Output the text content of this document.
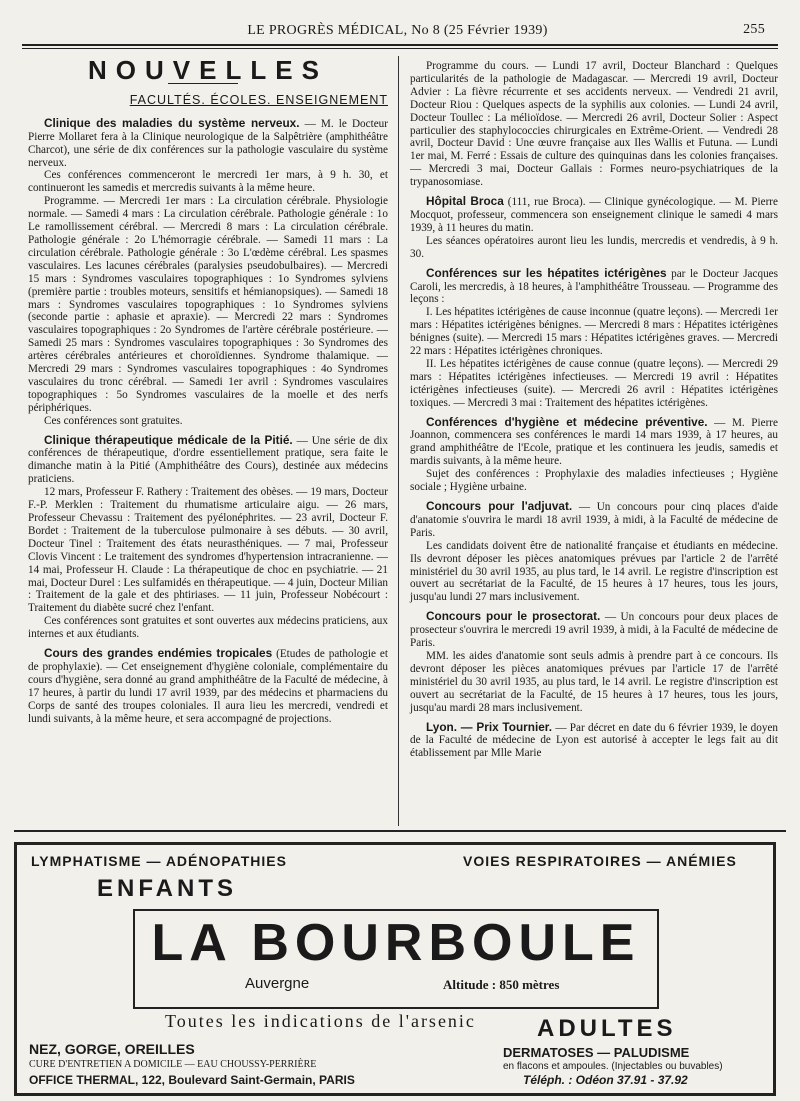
LE PROGRÈS MÉDICAL, No 8 (25 Février 1939)	255
NOUVELLES
FACULTÉS. ÉCOLES. ENSEIGNEMENT

Clinique des maladies du système nerveux. — M. le Docteur Pierre Mollaret fera à la Clinique neurologique de la Salpêtrière (amphithéâtre Charcot), une série de dix conférences sur la pathologie vasculaire du système nerveux.

Ces conférences commenceront le mercredi 1er mars, à 9 h. 30, et continueront les samedis et mercredis suivants à la même heure.

Programme. — Mercredi 1er mars : La circulation cérébrale. Physiologie normale. — Samedi 4 mars : La circulation cérébrale. Pathologie générale : 1o Le ramollissement cérébral. — Mercredi 8 mars : La circulation cérébrale. Pathologie générale : 2o L'hémorragie cérébrale. — Samedi 11 mars : La circulation cérébrale. Pathologie générale : 3o L'œdème cérébral. Les spasmes vasculaires. Les lacunes cérébrales (paralysies pseudobulbaires). — Mercredi 15 mars : Syndromes vasculaires topographiques : 1o Syndromes sylviens (première partie : troubles moteurs, sensitifs et hémianopsiques). — Samedi 18 mars : Syndromes vasculaires topographiques : 1o Syndromes sylviens (seconde partie : aphasie et apraxie). — Mercredi 22 mars : Syndromes vasculaires topographiques : 2o Syndromes de l'artère cérébrale postérieure. — Samedi 25 mars : Syndromes vasculaires topographiques : 3o Syndromes des artères cérébrales antérieures et choroïdiennes. Syndrome thalamique. — Mercredi 29 mars : Syndromes vasculaires topographiques : 4o Syndromes vasculaires du tronc cérébral. — Samedi 1er avril : Syndromes vasculaires topographiques : 5o Syndromes vasculaires de la moelle et des nerfs périphériques.

Ces conférences sont gratuites.

Clinique thérapeutique médicale de la Pitié. — Une série de dix conférences de thérapeutique, d'ordre essentiellement pratique, sera faite le dimanche matin à la Pitié (Amphithéâtre des Cours), destinée aux médecins praticiens.

12 mars, Professeur F. Rathery : Traitement des obèses. — 19 mars, Docteur F.-P. Merklen : Traitement du rhumatisme articulaire aigu. — 26 mars, Professeur Chevassu : Traitement des pyélonéphrites. — 23 avril, Docteur F. Bordet : Traitement de la tuberculose pulmonaire à ses débuts. — 30 avril, Docteur Tinel : Traitement des états neurasthéniques. — 7 mai, Professeur Clovis Vincent : Le traitement des syndromes d'hypertension intracranienne. — 14 mai, Professeur H. Claude : La thérapeutique de choc en psychiatrie. — 21 mai, Docteur Durel : Les sulfamidés en thérapeutique. — 4 juin, Docteur Milian : Traitement de la gale et des phtiriases. — 11 juin, Professeur Nobécourt : Traitement du diabète sucré chez l'enfant.

Ces conférences sont gratuites et sont ouvertes aux médecins praticiens, aux internes et aux étudiants.

Cours des grandes endémies tropicales (Etudes de pathologie et de prophylaxie). — Cet enseignement d'hygiène coloniale, complémentaire du cours d'hygiène, sera donné au grand amphithéâtre de la Faculté de médecine, à 17 heures, à partir du lundi 17 avril 1939, par des médecins et pharmaciens du Corps de santé des troupes coloniales. Il aura lieu les mercredi, vendredi et lundi suivants, à la même heure, et sera accompagné de projections.

Programme du cours. — Lundi 17 avril, Docteur Blanchard : Quelques particularités de la pathologie de Madagascar. — Mercredi 19 avril, Docteur Advier : La fièvre récurrente et ses accidents nerveux. — Vendredi 21 avril, Docteur Riou : Quelques aspects de la syphilis aux colonies. — Lundi 24 avril, Docteur Toullec : La mélioïdose. — Mercredi 26 avril, Docteur Solier : Aspect particulier des staphylococcies chirurgicales en Extrême-Orient. — Vendredi 28 avril, Docteur David : Une œuvre française aux Iles Wallis et Futuna. — Lundi 1er mai, M. Ferré : Essais de culture des quinquinas dans les colonies françaises. — Mercredi 3 mai, Docteur Gallais : Formes neuro-psychiatriques de la trypanosomiase.

Hôpital Broca (111, rue Broca). — Clinique gynécologique. — M. Pierre Mocquot, professeur, commencera son enseignement clinique le samedi 4 mars 1939, à 11 heures du matin.

Les séances opératoires auront lieu les lundis, mercredis et vendredis, à 9 h. 30.

Conférences sur les hépatites ictérigènes par le Docteur Jacques Caroli, les mercredis, à 18 heures, à l'amphithéâtre Trousseau. — Programme des leçons :

I. Les hépatites ictérigènes de cause inconnue (quatre leçons). — Mercredi 1er mars : Hépatites ictérigènes bénignes. — Mercredi 8 mars : Hépatites ictérigènes bénignes (suite). — Mercredi 15 mars : Hépatites ictérigènes graves. — Mercredi 22 mars : Hépatites ictérigènes chroniques.

II. Les hépatites ictérigènes de cause connue (quatre leçons). — Mercredi 29 mars : Hépatites ictérigènes infectieuses. — Mercredi 19 avril : Hépatites ictérigènes infectieuses (suite). — Mercredi 26 avril : Hépatites ictérigènes toxiques. — Mercredi 3 mai : Traitement des hépatites ictérigènes.

Conférences d'hygiène et médecine préventive. — M. Pierre Joannon, commencera ses conférences le mardi 14 mars 1939, à 17 heures, au grand amphithéâtre de l'Ecole, pratique et les continuera les jeudis, samedis et mardis suivants, à la même heure.

Sujet des conférences : Prophylaxie des maladies infectieuses ; Hygiène sociale ; Hygiène urbaine.

Concours pour l'adjuvat. — Un concours pour cinq places d'aide d'anatomie s'ouvrira le mardi 18 avril 1939, à midi, à la Faculté de médecine de Paris.

Les candidats doivent être de nationalité française et étudiants en médecine. Ils devront déposer les pièces anatomiques prévues par l'article 2 de l'arrêté ministériel du 30 avril 1935, au plus tard, le 14 avril. Le registre d'inscription est ouvert au secrétariat de la Faculté, de 15 heures à 17 heures, tous les jours, jusqu'au lundi 27 mars inclusivement.

Concours pour le prosectorat. — Un concours pour deux places de prosecteur s'ouvrira le mercredi 19 avril 1939, à midi, à la Faculté de médecine de Paris.

MM. les aides d'anatomie sont seuls admis à prendre part à ce concours. Ils devront déposer les pièces anatomiques prévues par l'article 17 de l'arrêté ministériel du 30 avril 1935, au plus tard, le 14 avril. Le registre d'inscription est ouvert au secrétariat de la Faculté, de 15 heures à 17 heures, tous les jours, jusqu'au mardi 28 mars inclusivement.

Lyon. — Prix Tournier. — Par décret en date du 6 février 1939, le doyen de la Faculté de médecine de Lyon est autorisé à accepter le legs fait au dit établissement par Mlle Marie

LYMPHATISME — ADÉNOPATHIES	VOIES RESPIRATOIRES — ANÉMIES
ENFANTS
LA BOURBOULE
Auvergne	Altitude : 850 mètres
Toutes les indications de l'arsenic	ADULTES
NEZ, GORGE, OREILLES	DERMATOSES — PALUDISME
CURE D'ENTRETIEN A DOMICILE — EAU CHOUSSY-PERRIÈRE	en flacons et ampoules. (Injectables ou buvables)
OFFICE THERMAL, 122, Boulevard Saint-Germain, PARIS	Téléph. : Odéon 37.91 - 37.92
